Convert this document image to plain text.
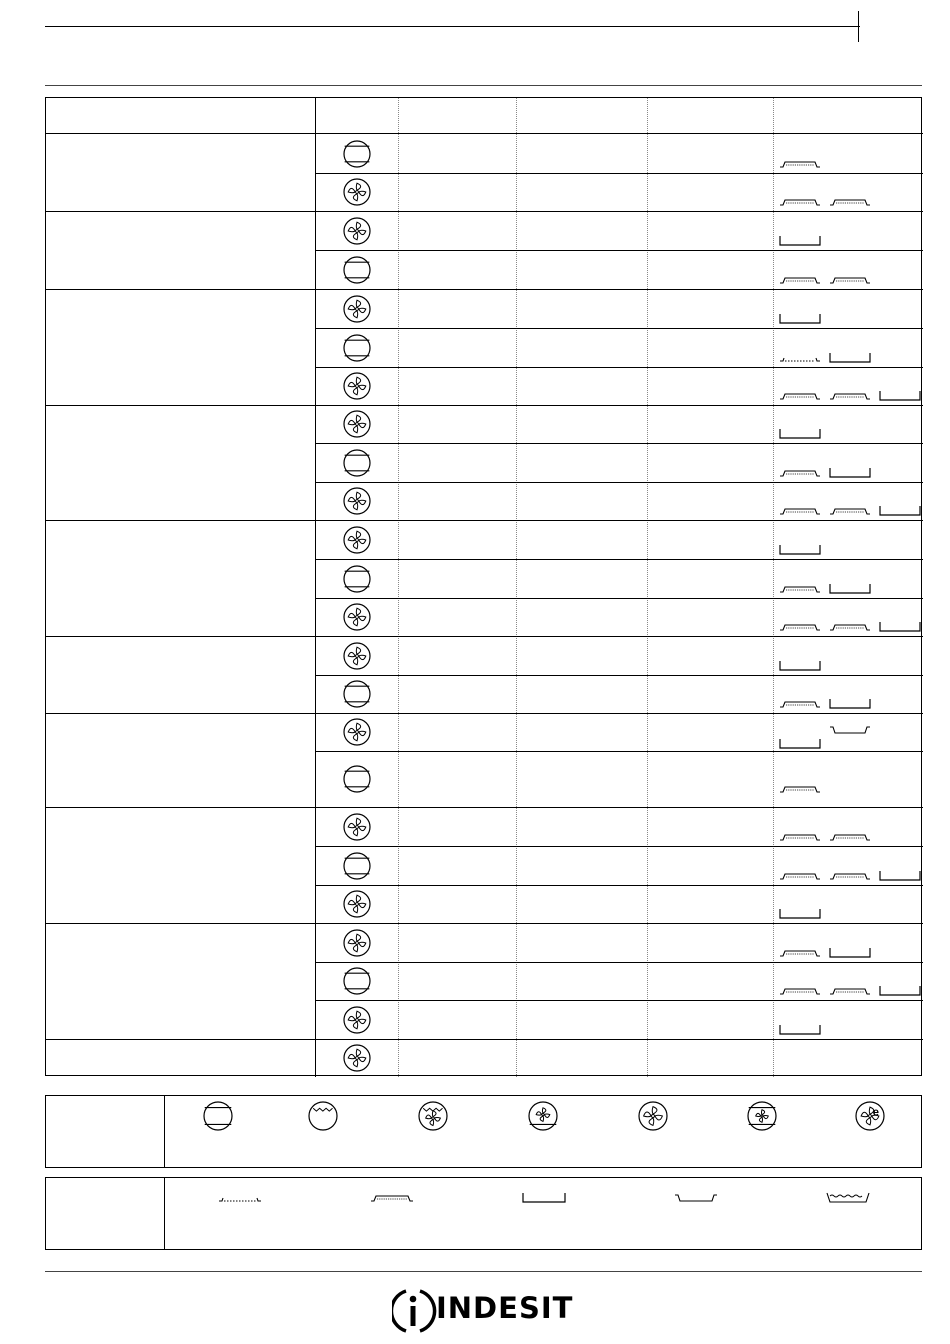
e
INDESIT
